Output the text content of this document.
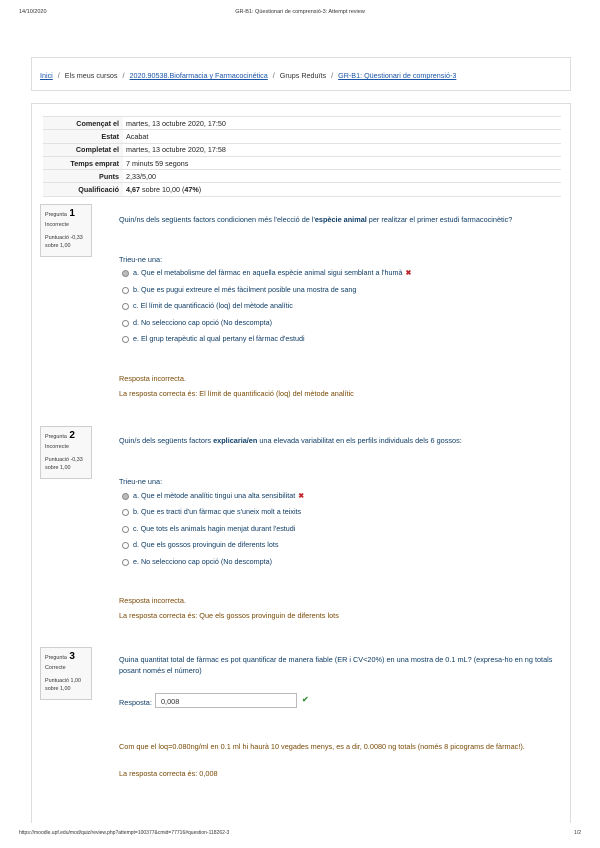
14/10/2020	GR-B1: Qüestionari de comprensió-3: Attempt review
Inici / Els meus cursos / 2020.90538.Biofarmacia y Farmacocinética / Grups Reduïts / GR-B1: Qüestionari de comprensió-3
Començat el	martes, 13 octubre 2020, 17:50
Estat	Acabat
Completat el	martes, 13 octubre 2020, 17:58
Temps emprat	7 minuts 59 segons
Punts	2,33/5,00
Qualificació	4,67 sobre 10,00 (47%)
Pregunta 1
Incorrecte
Puntuació -0,33
sobre 1,00
Quin/ns dels següents factors condicionen més l'elecció de l'espècie animal per realitzar el primer estudi farmacocinètic?
Trieu-ne una:
a. Que el metabolisme del fàrmac en aquella espècie animal sigui semblant a l'humà ✖
b. Que es pugui extreure el més fàcilment posible una mostra de sang
c. El límit de quantificació (loq) del mètode analític
d. No selecciono cap opció (No descompta)
e. El grup terapèutic al qual pertany el fàrmac d'estudi
Resposta incorrecta.
La resposta correcta és: El límit de quantificació (loq) del mètode analític
Pregunta 2
Incorrecte
Puntuació -0,33
sobre 1,00
Quin/s dels següents factors explicaria/en una elevada variabilitat en els perfils individuals dels 6 gossos:
Trieu-ne una:
a. Que el mètode analític tingui una alta sensibilitat ✖
b. Que es tracti d'un fàrmac que s'uneix molt a teixits
c. Que tots els animals hagin menjat durant l'estudi
d. Que els gossos provinguin de diferents lots
e. No selecciono cap opció (No descompta)
Resposta incorrecta.
La resposta correcta és: Que els gossos provinguin de diferents lots
Pregunta 3
Correcte
Puntuació 1,00
sobre 1,00
Quina quantitat total de fàrmac es pot quantificar de manera fiable (ER i CV<20%) en una mostra de 0.1 mL? (expresa-ho en ng totals posant només el número)
Resposta:	0,008	✔
Com que el loq=0.080ng/ml en 0.1 ml hi haurà 10 vegades menys, es a dir, 0.0080 ng totals (només 8 picograms de fàrmac!).
La resposta correcta és: 0,008
https://moodle.upf.edu/mod/quiz/review.php?attempt=100377&cmid=77716#question-118262-3	1/2
